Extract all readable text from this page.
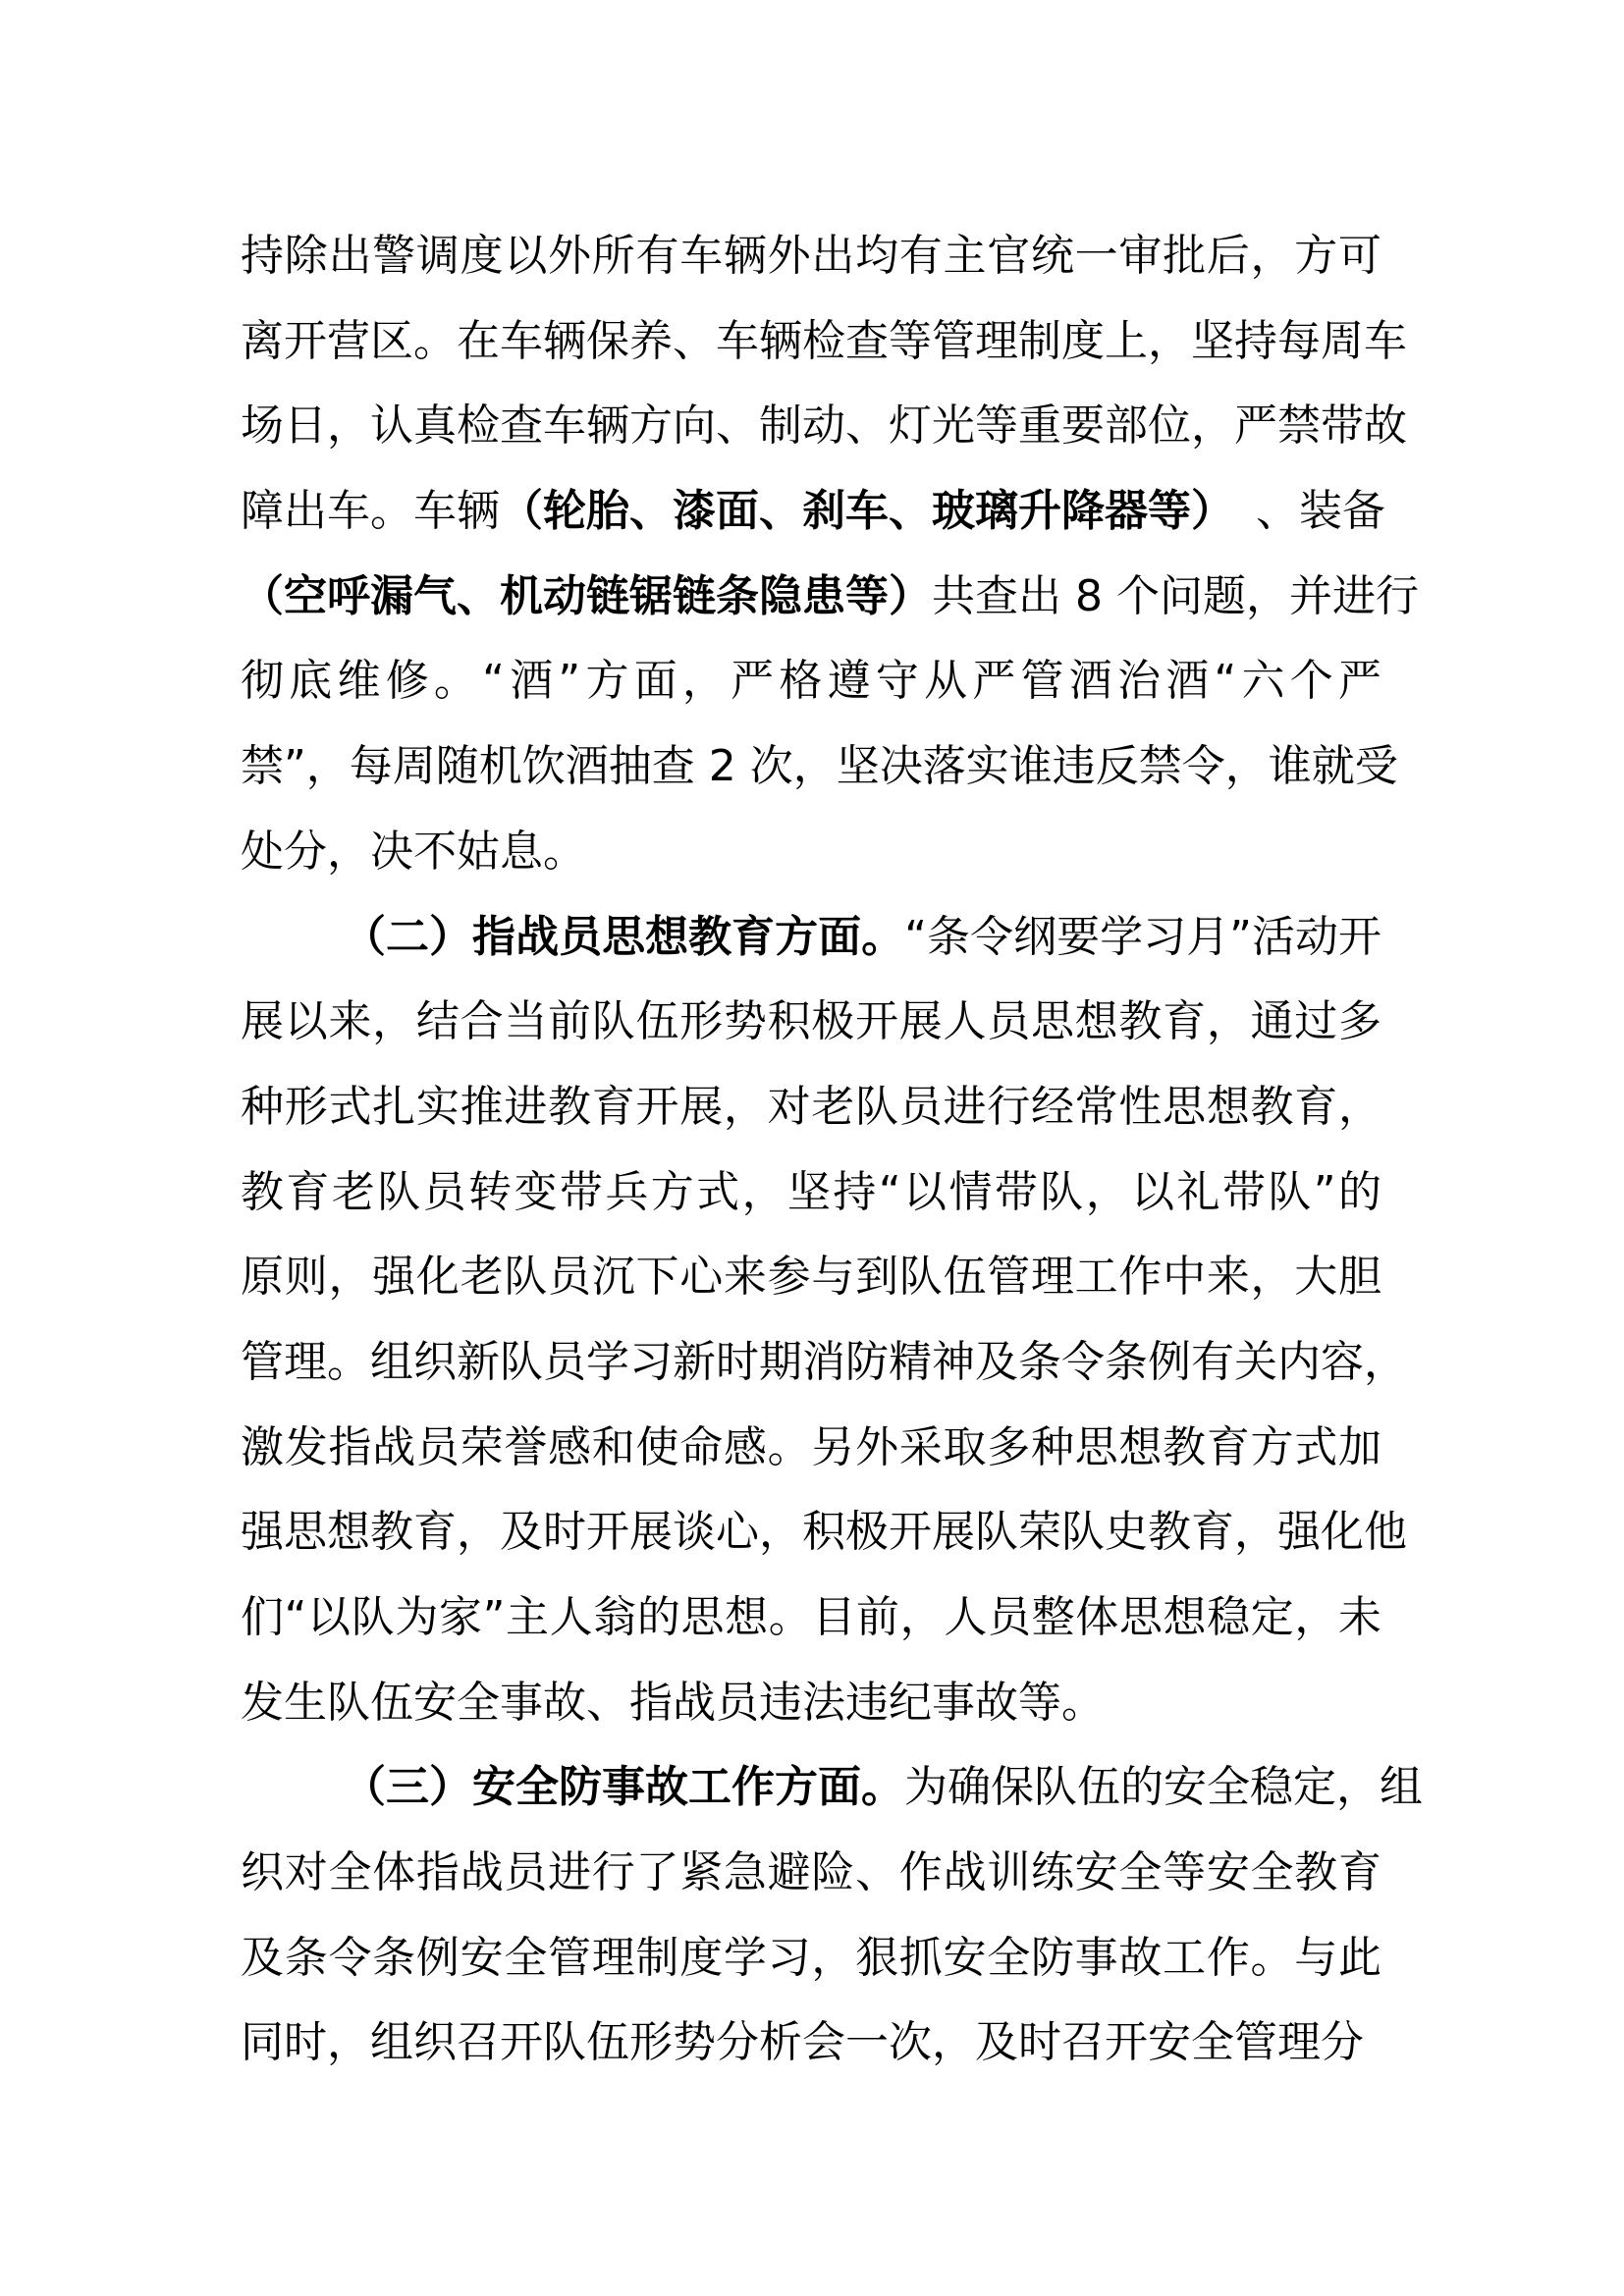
持除出警调度以外所有车辆外出均有主官统一审批后，方可
离开营区。在车辆保养、车辆检查等管理制度上，坚持每周车
场日，认真检查车辆方向、制动、灯光等重要部位，严禁带故
障出车。车辆（轮胎、漆面、刹车、玻璃升降器等）　、装备
（空呼漏气、机动链锯链条隐患等）共查出 8 个问题，并进行
彻底维修。“酒”方面，严格遵守从严管酒治酒“六个严
禁”，每周随机饮酒抽查 2 次，坚决落实谁违反禁令，谁就受
处分，决不姑息。
（二）指战员思想教育方面。“条令纲要学习月”活动开
展以来，结合当前队伍形势积极开展人员思想教育，通过多
种形式扎实推进教育开展，对老队员进行经常性思想教育，
教育老队员转变带兵方式，坚持“以情带队，以礼带队”的
原则，强化老队员沉下心来参与到队伍管理工作中来，大胆
管理。组织新队员学习新时期消防精神及条令条例有关内容，
激发指战员荣誉感和使命感。另外采取多种思想教育方式加
强思想教育，及时开展谈心，积极开展队荣队史教育，强化他
们“以队为家”主人翁的思想。目前，人员整体思想稳定，未
发生队伍安全事故、指战员违法违纪事故等。
（三）安全防事故工作方面。为确保队伍的安全稳定，组
织对全体指战员进行了紧急避险、作战训练安全等安全教育
及条令条例安全管理制度学习，狠抓安全防事故工作。与此
同时，组织召开队伍形势分析会一次，及时召开安全管理分
